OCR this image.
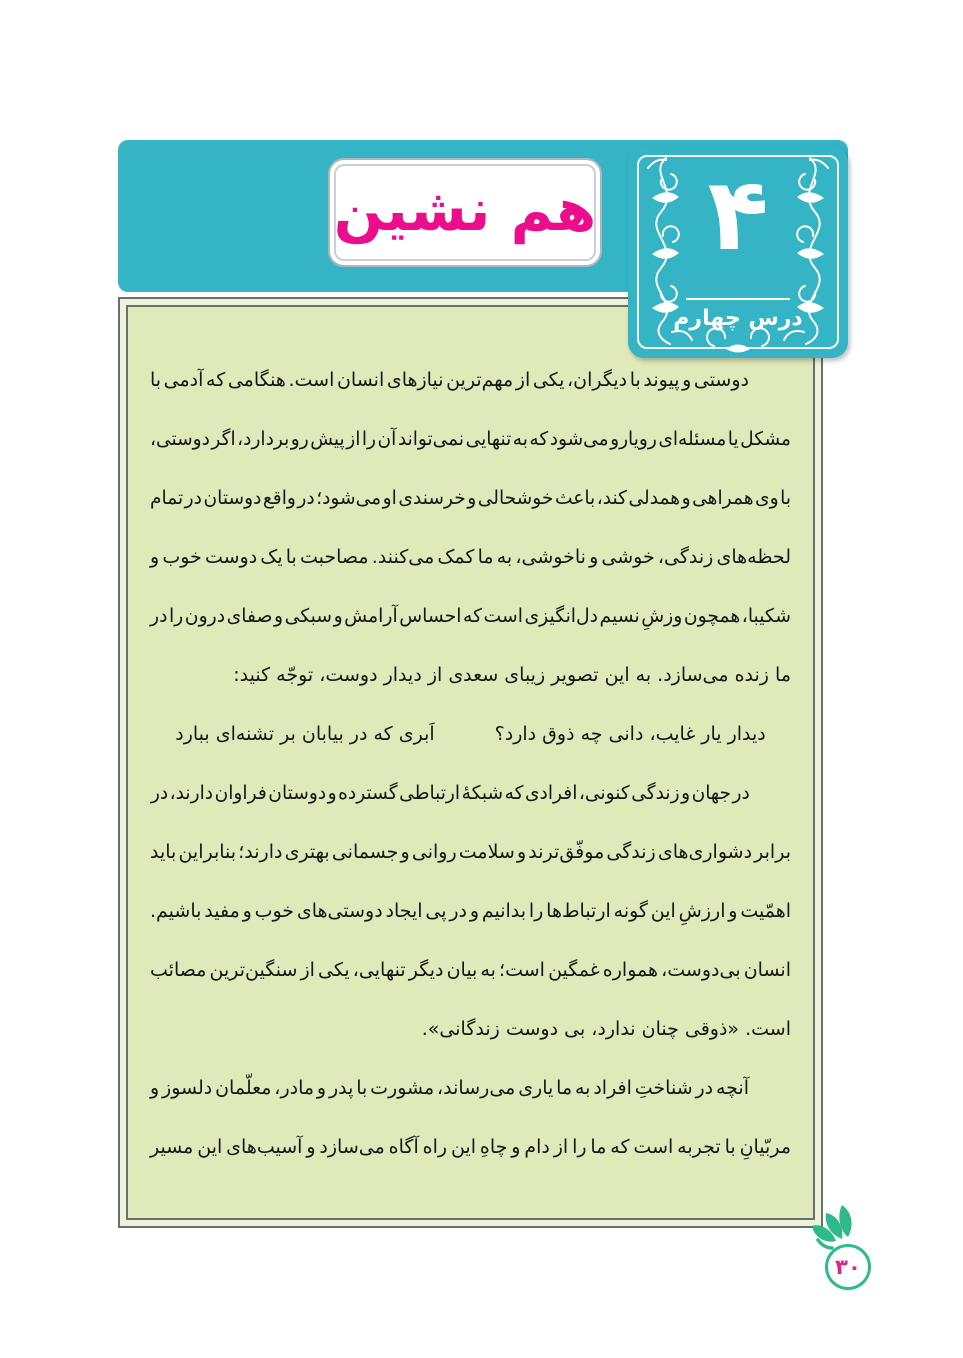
هم نشین	۴
درس چهارم
دوستی و پیوند با دیگران، یکی از مهم‌ترین نیازهای انسان است. هنگامی که آدمی با
مشکل یا مسئله‌ای رویارو می‌شود که به تنهایی نمی‌تواند آن را از پیش رو بردارد، اگر دوستی،
با وی همراهی و همدلی کند، باعث خوشحالی و خرسندی او می‌شود؛ در واقع دوستان در تمام
لحظه‌های زندگی، خوشی و ناخوشی، به ما کمک می‌کنند. مصاحبت با یک دوست خوب و
شکیبا، همچون وزشِ نسیم دل‌انگیزی است که احساس آرامش و سبکی و صفای درون را در
ما زنده می‌سازد. به این تصویر زیبای سعدی از دیدار دوست، توجّه کنید:
دیدار یار غایب، دانی چه ذوق دارد؟
اَبری که در بیابان بر تشنه‌ای ببارد
در جهان و زندگی کنونی، افرادی که شبکهٔ ارتباطی گسترده و دوستان فراوان دارند، در
برابر دشواری‌های زندگی موفّق‌ترند و سلامت روانی و جسمانی بهتری دارند؛ بنابراین باید
اهمّیت و ارزشِ این گونه ارتباط‌ها را بدانیم و در پی ایجاد دوستی‌های خوب و مفید باشیم.
انسان بی‌دوست، همواره غمگین است؛ به بیان دیگر تنهایی، یکی از سنگین‌ترین مصائب
است. «ذوقی چنان ندارد، بی دوست زندگانی».
آنچه در شناختِ افراد به ما یاری می‌رساند، مشورت با پدر و مادر، معلّمان دلسوز و
مربّیانِ با تجربه است که ما را از دام و چاهِ این راه آگاه می‌سازد و آسیب‌های این مسیر
۳۰
